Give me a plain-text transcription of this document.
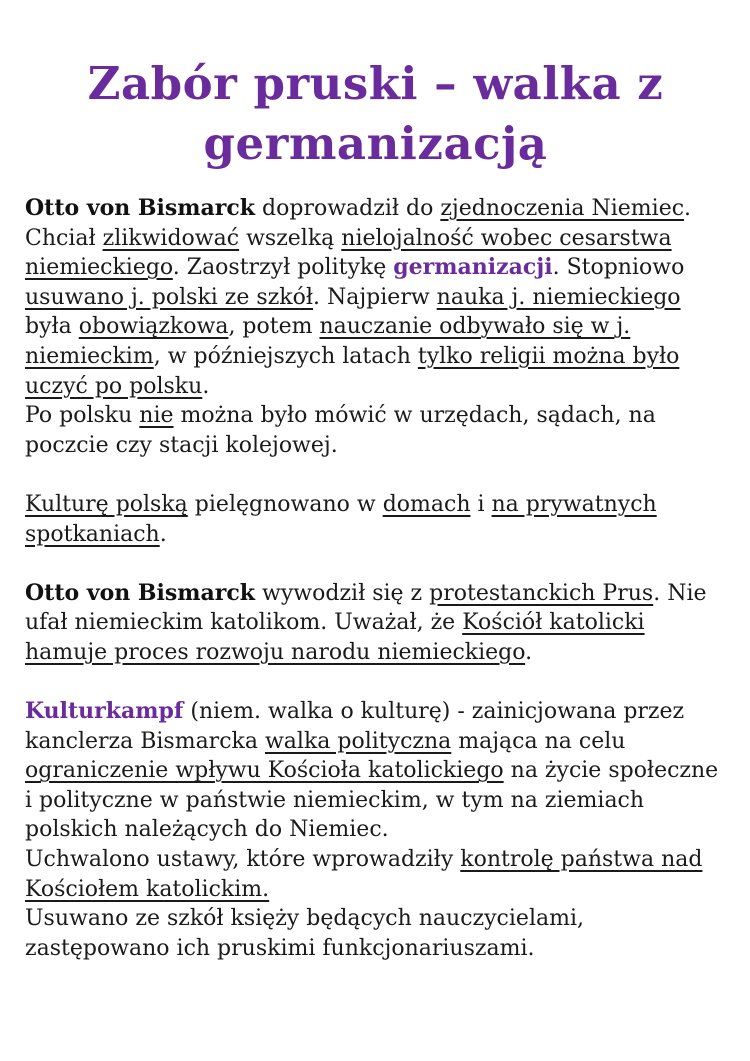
Zabór pruski – walka z germanizacją

Otto von Bismarck doprowadził do zjednoczenia Niemiec. Chciał zlikwidować wszelką nielojalność wobec cesarstwa niemieckiego. Zaostrzył politykę germanizacji. Stopniowo usuwano j. polski ze szkół. Najpierw nauka j. niemieckiego była obowiązkowa, potem nauczanie odbywało się w j. niemieckim, w późniejszych latach tylko religii można było uczyć po polsku.

Po polsku nie można było mówić w urzędach, sądach, na poczcie czy stacji kolejowej.

Kulturę polską pielęgnowano w domach i na prywatnych spotkaniach.

Otto von Bismarck wywodził się z protestanckich Prus. Nie ufał niemieckim katolikom. Uważał, że Kościół katolicki hamuje proces rozwoju narodu niemieckiego.

Kulturkampf (niem. walka o kulturę) - zainicjowana przez kanclerza Bismarcka walka polityczna mająca na celu ograniczenie wpływu Kościoła katolickiego na życie społeczne i polityczne w państwie niemieckim, w tym na ziemiach polskich należących do Niemiec.

Uchwalono ustawy, które wprowadziły kontrolę państwa nad Kościołem katolickim.

Usuwano ze szkół księży będących nauczycielami, zastępowano ich pruskimi funkcjonariuszami.
